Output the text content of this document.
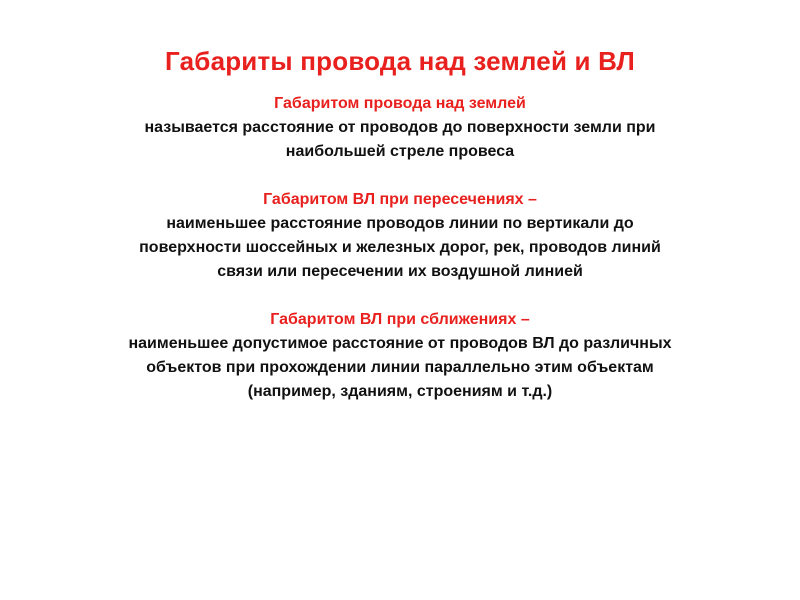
Габариты провода над землей и ВЛ
Габаритом провода над землей
называется расстояние от проводов до поверхности земли при
наибольшей стреле провеса
Габаритом ВЛ при пересечениях –
наименьшее расстояние проводов линии по вертикали до
поверхности шоссейных и железных дорог, рек, проводов линий
связи или пересечении их воздушной линией
Габаритом ВЛ при сближениях –
наименьшее допустимое расстояние от проводов ВЛ до различных
объектов при прохождении линии параллельно этим объектам
(например, зданиям, строениям и т.д.)
